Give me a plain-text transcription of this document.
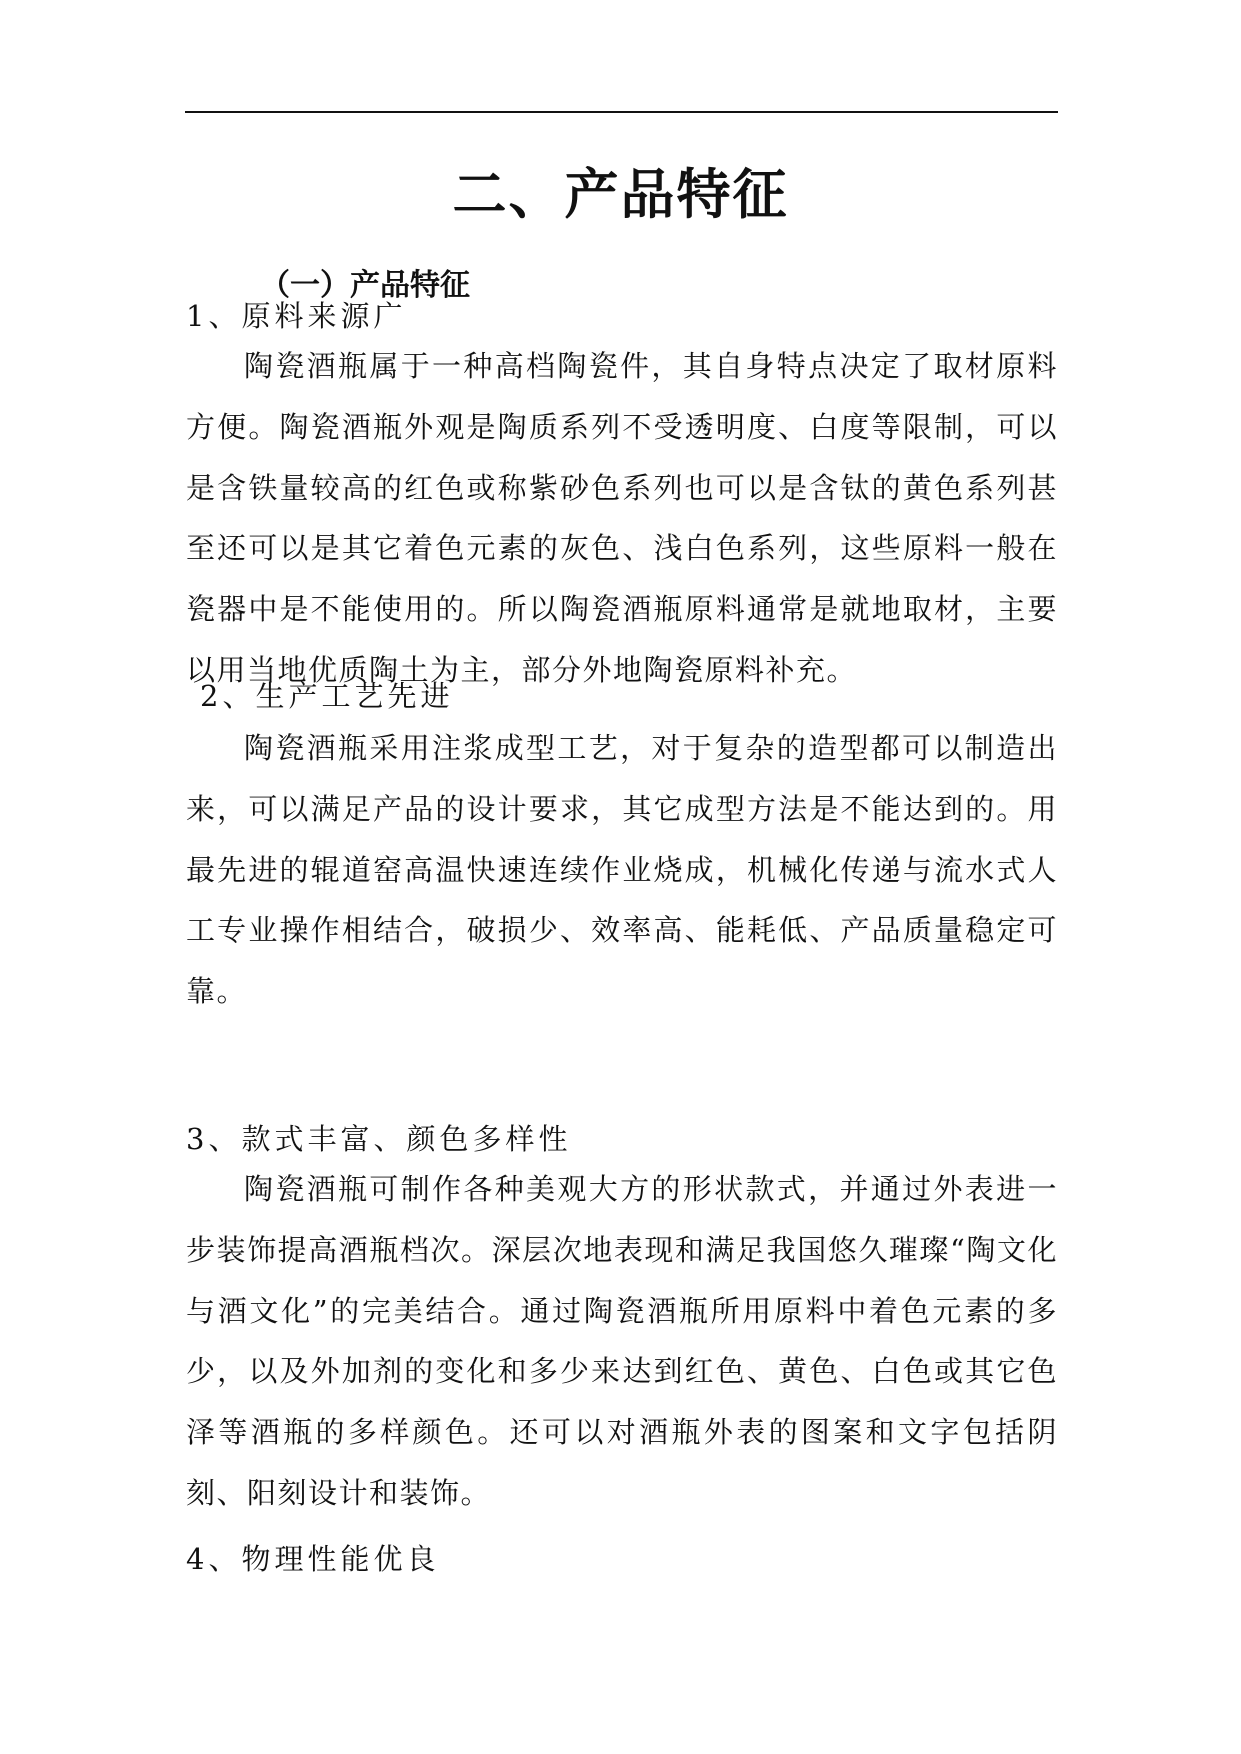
二、产品特征
（一）产品特征
1、原料来源广
陶瓷酒瓶属于一种高档陶瓷件，其自身特点决定了取材原料方便。陶瓷酒瓶外观是陶质系列不受透明度、白度等限制，可以是含铁量较高的红色或称紫砂色系列也可以是含钛的黄色系列甚至还可以是其它着色元素的灰色、浅白色系列，这些原料一般在瓷器中是不能使用的。所以陶瓷酒瓶原料通常是就地取材，主要以用当地优质陶土为主，部分外地陶瓷原料补充。
2、生产工艺先进
陶瓷酒瓶采用注浆成型工艺，对于复杂的造型都可以制造出来，可以满足产品的设计要求，其它成型方法是不能达到的。用最先进的辊道窑高温快速连续作业烧成，机械化传递与流水式人工专业操作相结合，破损少、效率高、能耗低、产品质量稳定可靠。
3、款式丰富、颜色多样性
陶瓷酒瓶可制作各种美观大方的形状款式，并通过外表进一步装饰提高酒瓶档次。深层次地表现和满足我国悠久璀璨“陶文化与酒文化”的完美结合。通过陶瓷酒瓶所用原料中着色元素的多少，以及外加剂的变化和多少来达到红色、黄色、白色或其它色泽等酒瓶的多样颜色。还可以对酒瓶外表的图案和文字包括阴刻、阳刻设计和装饰。
4、物理性能优良
